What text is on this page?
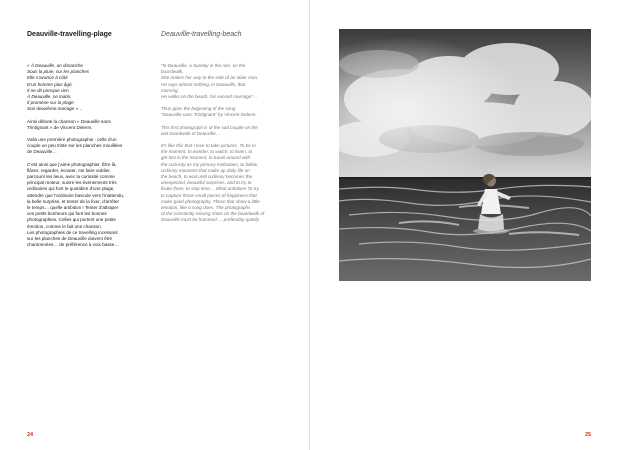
Deauville-travelling-plage
« À Deauville, un dimanche
Sous la pluie, sur les planches
Elle s'avance à côté
D'un homme plus âgé,
Il ne dit presque rien
À Deauville, ce matin,
Il promène sur la plage
Son deuxième mariage »…
Ainsi débute la chanson « Deauville sans
Trintignant » de Vincent Delerm.
Voilà une première photographie : celle d'un
couple un peu triste sur les planches mouillées
de Deauville…
C'est ainsi que j'aime photographier. Être là,
flâner, regarder, écouter, me faire oublier,
parcourir les lieux, avec la curiosité comme
principal moteur, suivre les événements très
ordinaires qui font le quotidien d'une plage,
attendre que l'ordinaire bascule vers l'inattendu,
la belle surprise, et tenter de la fixer, d'arrêter
le temps… quelle ambition ! Tenter d'attraper
ces petits bonheurs qui font les bonnes
photographies. Celles qui portent une petite
émotion, comme le fait une chanson.
Les photographies de ce travelling incessant
sur les planches de Deauville doivent être
chantonnées… de préférence à voix basse…
Deauville-travelling-beach
"In Deauville, a Sunday in the rain, on the
boardwalk,
She makes her way to the side of an older man.
He says almost nothing, in Deauville, that
morning.
He walks on the beach, his second marriage"…
Thus goes the beginning of the song
"Deauville sans Trintignant" by Vincent Delerm.
This first photograph is of the sad couple on the
wet boardwalk of Deauville…
It's like this that I love to take pictures. To be in
the moment, to wander, to watch, to listen, to
get lost in the moment, to travel around with
the curiosity as my primary motivation, to follow
ordinary moments that make up daily life on
the beach, to wait until ordinary becomes the
unexpected, beautiful surprises, and to try to
fixate them, to stop time… What ambition! To try
to capture those small pieces of happiness that
make good photography. Those that show a little
emotion, like a song does. The photographs
of the constantly moving shots on the boardwalk of
Deauville must be hummed … preferably quietly.
24	25
